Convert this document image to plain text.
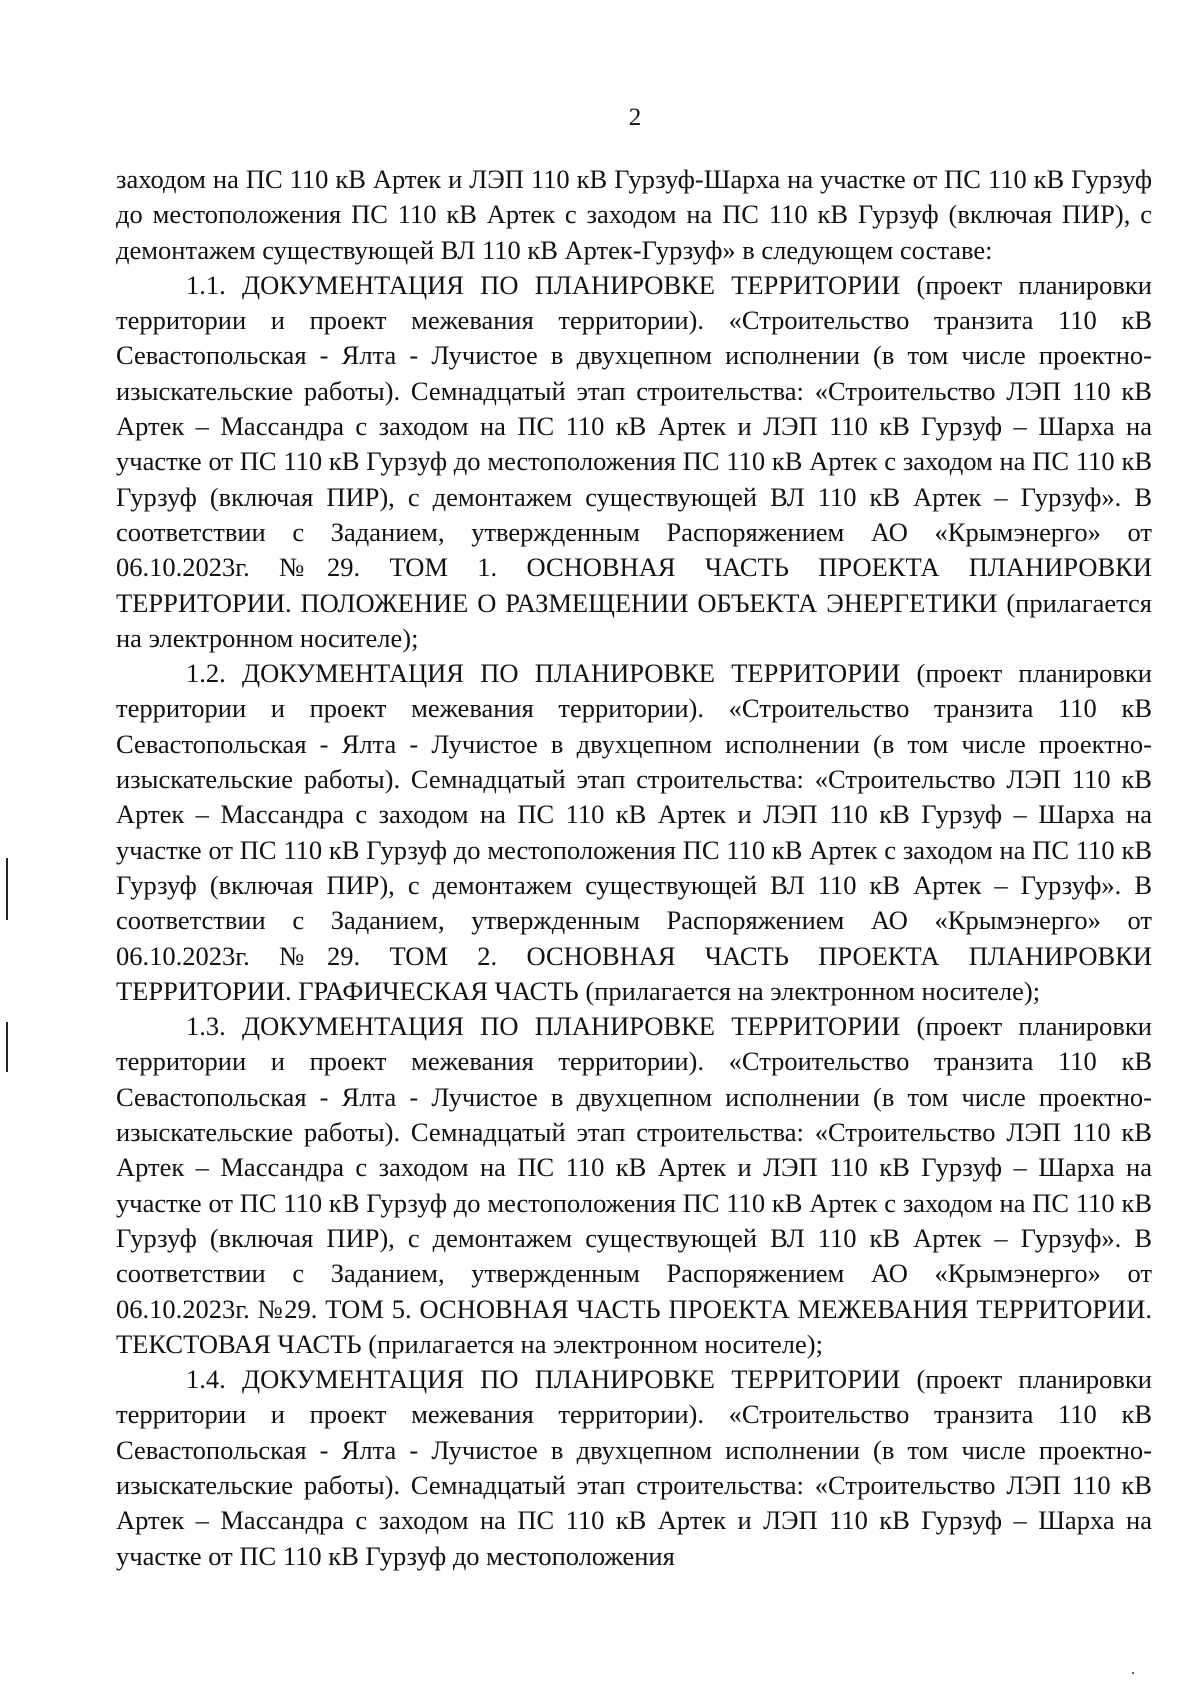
2

заходом на ПС 110 кВ Артек и ЛЭП 110 кВ Гурзуф-Шарха на участке от ПС 110 кВ Гурзуф до местоположения ПС 110 кВ Артек с заходом на ПС 110 кВ Гурзуф (включая ПИР), с демонтажем существующей ВЛ 110 кВ Артек-Гурзуф» в следующем составе:

1.1. ДОКУМЕНТАЦИЯ ПО ПЛАНИРОВКЕ ТЕРРИТОРИИ (проект планировки территории и проект межевания территории). «Строительство транзита 110 кВ Севастопольская - Ялта - Лучистое в двухцепном исполнении (в том числе проектно-изыскательские работы). Семнадцатый этап строительства: «Строительство ЛЭП 110 кВ Артек – Массандра с заходом на ПС 110 кВ Артек и ЛЭП 110 кВ Гурзуф – Шарха на участке от ПС 110 кВ Гурзуф до местоположения ПС 110 кВ Артек с заходом на ПС 110 кВ Гурзуф (включая ПИР), с демонтажем существующей ВЛ 110 кВ Артек – Гурзуф». В соответствии с Заданием, утвержденным Распоряжением АО «Крымэнерго» от 06.10.2023г. №29. ТОМ 1. ОСНОВНАЯ ЧАСТЬ ПРОЕКТА ПЛАНИРОВКИ ТЕРРИТОРИИ. ПОЛОЖЕНИЕ О РАЗМЕЩЕНИИ ОБЪЕКТА ЭНЕРГЕТИКИ (прилагается на электронном носителе);

1.2. ДОКУМЕНТАЦИЯ ПО ПЛАНИРОВКЕ ТЕРРИТОРИИ (проект планировки территории и проект межевания территории). «Строительство транзита 110 кВ Севастопольская - Ялта - Лучистое в двухцепном исполнении (в том числе проектно-изыскательские работы). Семнадцатый этап строительства: «Строительство ЛЭП 110 кВ Артек – Массандра с заходом на ПС 110 кВ Артек и ЛЭП 110 кВ Гурзуф – Шарха на участке от ПС 110 кВ Гурзуф до местоположения ПС 110 кВ Артек с заходом на ПС 110 кВ Гурзуф (включая ПИР), с демонтажем существующей ВЛ 110 кВ Артек – Гурзуф». В соответствии с Заданием, утвержденным Распоряжением АО «Крымэнерго» от 06.10.2023г. №29. ТОМ 2. ОСНОВНАЯ ЧАСТЬ ПРОЕКТА ПЛАНИРОВКИ ТЕРРИТОРИИ. ГРАФИЧЕСКАЯ ЧАСТЬ (прилагается на электронном носителе);

1.3. ДОКУМЕНТАЦИЯ ПО ПЛАНИРОВКЕ ТЕРРИТОРИИ (проект планировки территории и проект межевания территории). «Строительство транзита 110 кВ Севастопольская - Ялта - Лучистое в двухцепном исполнении (в том числе проектно-изыскательские работы). Семнадцатый этап строительства: «Строительство ЛЭП 110 кВ Артек – Массандра с заходом на ПС 110 кВ Артек и ЛЭП 110 кВ Гурзуф – Шарха на участке от ПС 110 кВ Гурзуф до местоположения ПС 110 кВ Артек с заходом на ПС 110 кВ Гурзуф (включая ПИР), с демонтажем существующей ВЛ 110 кВ Артек – Гурзуф». В соответствии с Заданием, утвержденным Распоряжением АО «Крымэнерго» от 06.10.2023г. №29. ТОМ 5. ОСНОВНАЯ ЧАСТЬ ПРОЕКТА МЕЖЕВАНИЯ ТЕРРИТОРИИ. ТЕКСТОВАЯ ЧАСТЬ (прилагается на электронном носителе);

1.4. ДОКУМЕНТАЦИЯ ПО ПЛАНИРОВКЕ ТЕРРИТОРИИ (проект планировки территории и проект межевания территории). «Строительство транзита 110 кВ Севастопольская - Ялта - Лучистое в двухцепном исполнении (в том числе проектно-изыскательские работы). Семнадцатый этап строительства: «Строительство ЛЭП 110 кВ Артек – Массандра с заходом на ПС 110 кВ Артек и ЛЭП 110 кВ Гурзуф – Шарха на участке от ПС 110 кВ Гурзуф до местоположения
